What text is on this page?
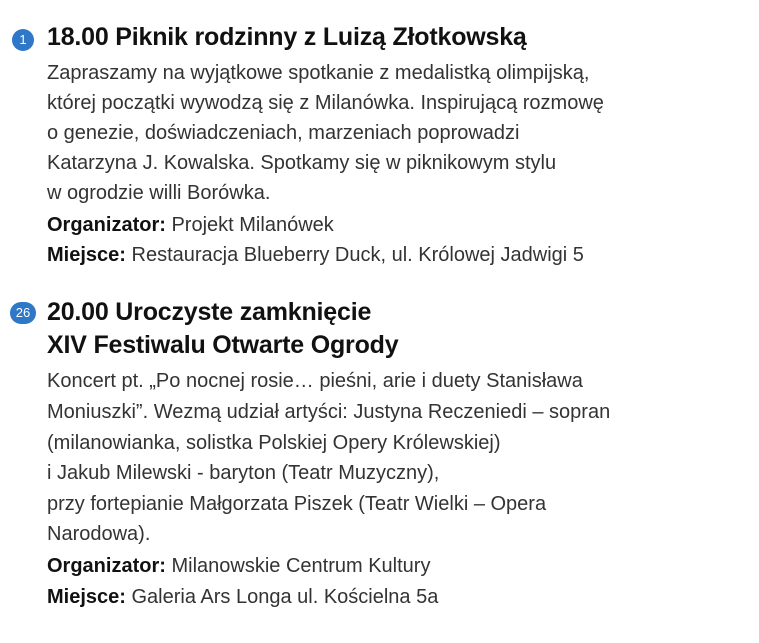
1 18.00 Piknik rodzinny z Luizą Złotkowską
Zapraszamy na wyjątkowe spotkanie z medalistką olimpijską,
której początki wywodzą się z Milanówka. Inspirującą rozmowę
o genezie, doświadczeniach, marzeniach poprowadzi
Katarzyna J. Kowalska. Spotkamy się w piknikowym stylu
w ogrodzie willi Borówka.
Organizator: Projekt Milanówek
Miejsce: Restauracja Blueberry Duck, ul. Królowej Jadwigi 5
26 20.00 Uroczyste zamknięcie
XIV Festiwalu Otwarte Ogrody
Koncert pt. „Po nocnej rosie… pieśni, arie i duety Stanisława
Moniuszki”. Wezmą udział artyści: Justyna Reczeniedi – sopran
(milanowianka, solistka Polskiej Opery Królewskiej)
i Jakub Milewski - baryton (Teatr Muzyczny),
przy fortepianie Małgorzata Piszek (Teatr Wielki – Opera
Narodowa).
Organizator: Milanowskie Centrum Kultury
Miejsce: Galeria Ars Longa ul. Kościelna 5a
